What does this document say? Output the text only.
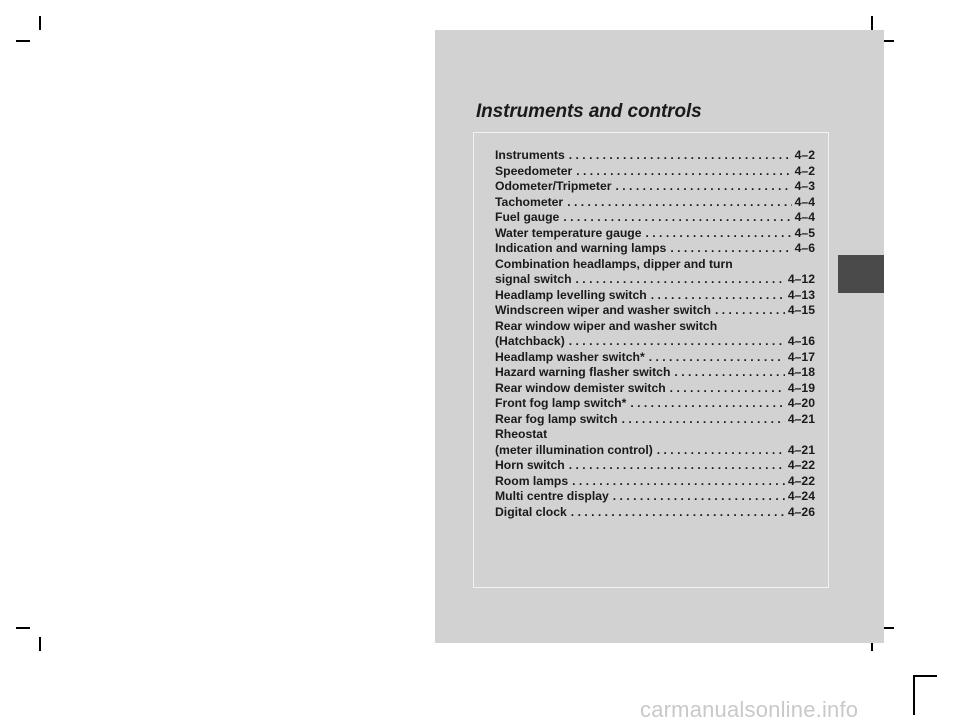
Instruments and controls
Instruments . . .	4–2
Speedometer . . .	4–2
Odometer/Tripmeter . . .	4–3
Tachometer . . .	4–4
Fuel gauge . . .	4–4
Water temperature gauge . . .	4–5
Indication and warning lamps . . .	4–6
Combination headlamps, dipper and turn
signal switch . . .	4–12
Headlamp levelling switch . . .	4–13
Windscreen wiper and washer switch . . .	4–15
Rear window wiper and washer switch
(Hatchback) . . .	4–16
Headlamp washer switch* . . .	4–17
Hazard warning flasher switch . . .	4–18
Rear window demister switch . . .	4–19
Front fog lamp switch* . . .	4–20
Rear fog lamp switch . . .	4–21
Rheostat
(meter illumination control) . . .	4–21
Horn switch . . .	4–22
Room lamps . . .	4–22
Multi centre display . . .	4–24
Digital clock . . .	4–26
carmanualsonline.info
